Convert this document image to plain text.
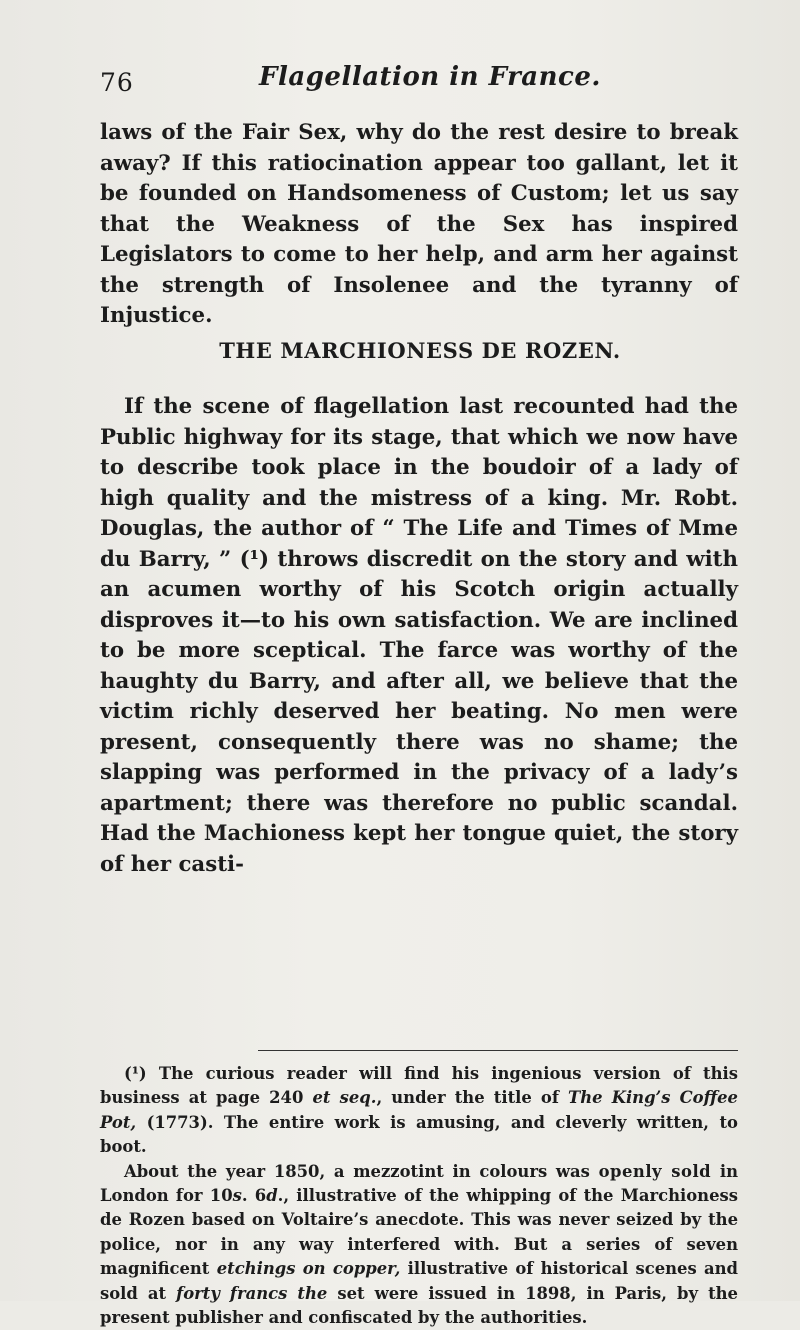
76	Flagellation in France.

laws of the Fair Sex, why do the rest desire to break away? If this ratiocination appear too gallant, let it be founded on Handsomeness of Custom; let us say that the Weakness of the Sex has inspired Legislators to come to her help, and arm her against the strength of Insolenee and the tyranny of Injustice.

THE MARCHIONESS DE ROZEN.

If the scene of flagellation last recounted had the Public highway for its stage, that which we now have to describe took place in the boudoir of a lady of high quality and the mistress of a king. Mr. Robt. Douglas, the author of “ The Life and Times of Mme du Barry, ” (¹) throws discredit on the story and with an acumen worthy of his Scotch origin actually disproves it—to his own satisfaction. We are inclined to be more sceptical. The farce was worthy of the haughty du Barry, and after all, we believe that the victim richly deserved her beating. No men were present, consequently there was no shame; the slapping was performed in the privacy of a lady’s apartment; there was therefore no public scandal. Had the Machioness kept her tongue quiet, the story of her casti-

(¹) The curious reader will find his ingenious version of this business at page 240 et seq., under the title of The King’s Coffee Pot, (1773). The entire work is amusing, and cleverly written, to boot.

About the year 1850, a mezzotint in colours was openly sold in London for 10s. 6d., illustrative of the whipping of the Marchioness de Rozen based on Voltaire’s anecdote. This was never seized by the police, nor in any way interfered with. But a series of seven magnificent etchings on copper, illustrative of historical scenes and sold at forty francs the set were issued in 1898, in Paris, by the present publisher and confiscated by the authorities.
